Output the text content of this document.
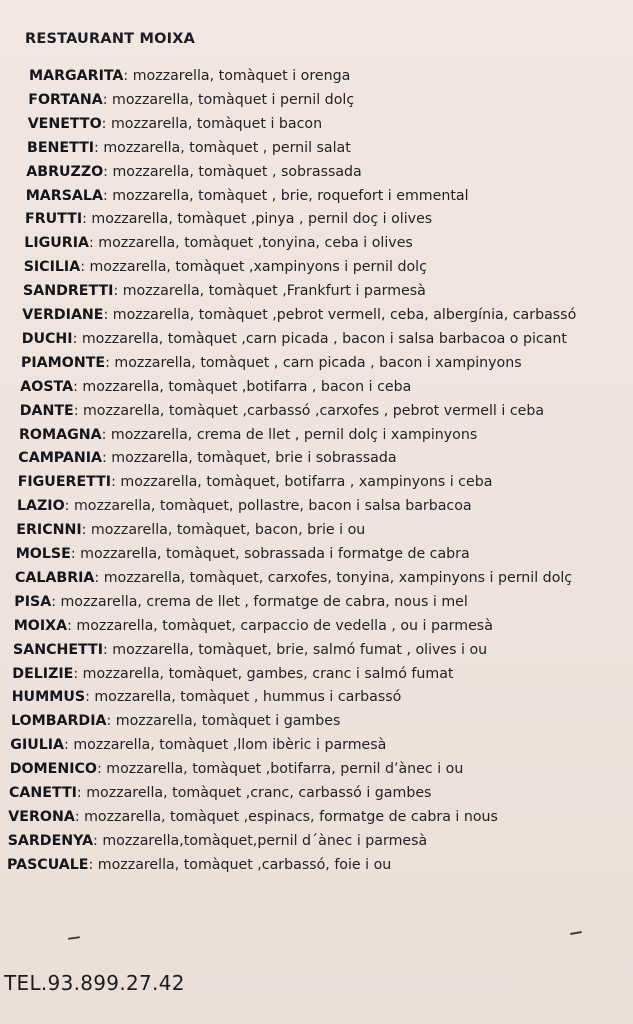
RESTAURANT MOIXA
MARGARITA: mozzarella, tomàquet i orenga
FORTANA: mozzarella, tomàquet i pernil dolç
VENETTO: mozzarella, tomàquet i bacon
BENETTI: mozzarella, tomàquet , pernil salat
ABRUZZO: mozzarella, tomàquet , sobrassada
MARSALA: mozzarella, tomàquet , brie, roquefort i emmental
FRUTTI: mozzarella, tomàquet ,pinya , pernil doç i olives
LIGURIA: mozzarella, tomàquet ,tonyina, ceba i olives
SICILIA: mozzarella, tomàquet ,xampinyons i pernil dolç
SANDRETTI: mozzarella, tomàquet ,Frankfurt i parmesà
VERDIANE: mozzarella, tomàquet ,pebrot vermell, ceba, albergínia, carbassó
DUCHI: mozzarella, tomàquet ,carn picada , bacon i salsa barbacoa o picant
PIAMONTE: mozzarella, tomàquet , carn picada , bacon i xampinyons
AOSTA: mozzarella, tomàquet ,botifarra , bacon i ceba
DANTE: mozzarella, tomàquet ,carbassó ,carxofes , pebrot vermell i ceba
ROMAGNA: mozzarella, crema de llet , pernil dolç i xampinyons
CAMPANIA: mozzarella, tomàquet, brie i sobrassada
FIGUERETTI: mozzarella, tomàquet, botifarra , xampinyons i ceba
LAZIO: mozzarella, tomàquet, pollastre, bacon i salsa barbacoa
ERICNNI: mozzarella, tomàquet, bacon, brie i ou
MOLSE: mozzarella, tomàquet, sobrassada i formatge de cabra
CALABRIA: mozzarella, tomàquet, carxofes, tonyina, xampinyons i pernil dolç
PISA: mozzarella, crema de llet , formatge de cabra, nous i mel
MOIXA: mozzarella, tomàquet, carpaccio de vedella , ou i parmesà
SANCHETTI: mozzarella, tomàquet, brie, salmó fumat , olives i ou
DELIZIE: mozzarella, tomàquet, gambes, cranc i salmó fumat
HUMMUS: mozzarella, tomàquet , hummus i carbassó
LOMBARDIA: mozzarella, tomàquet i gambes
GIULIA: mozzarella, tomàquet ,llom ibèric i parmesà
DOMENICO: mozzarella, tomàquet ,botifarra, pernil d’ànec i ou
CANETTI: mozzarella, tomàquet ,cranc, carbassó i gambes
VERONA: mozzarella, tomàquet ,espinacs, formatge de cabra i nous
SARDENYA: mozzarella,tomàquet,pernil d´ànec i parmesà
PASCUALE: mozzarella, tomàquet ,carbassó, foie i ou
TEL.93.899.27.42
